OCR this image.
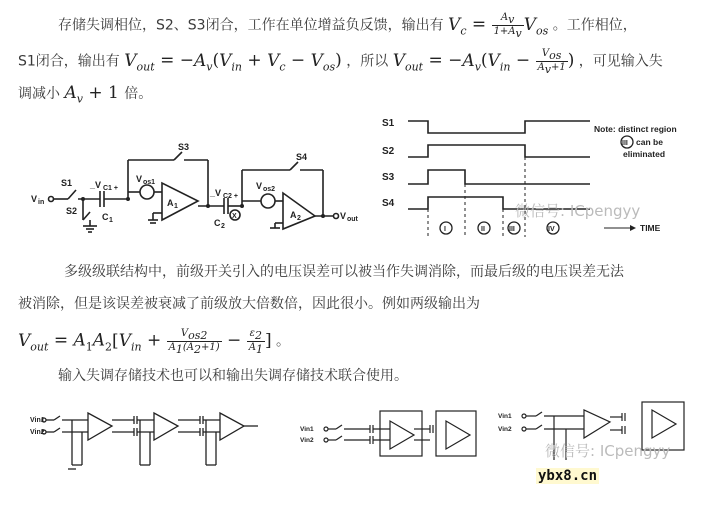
存储失调相位，S2、S3闭合，工作在单位增益负反馈，输出有 $V_c = \frac{A_v}{1+A_v} V_{os}$ 。工作相位，
S1闭合，输出有 $V_{out} = -A_v(V_{in} + V_c - V_{os})$ ，所以 $V_{out} = -A_v(V_{in} - \frac{V_{os}}{A_v+1}$ ) ，可见输入失
调减小 $A_v + 1$ 倍。
V in
S1
S2
_V C1 +
C 1
V os1
S3
A 1
_V C2 +
C 2
X
V os2
S4
A 2	V out
S1
S2
S3
S4
I	II	III	IV
Note: distinct region
III can be
eliminated
TIME
微信号: ICpengyy
多级级联结构中，前级开关引入的电压误差可以被当作失调消除，而最后级的电压误差无法
被消除，但是该误差被衰减了前级放大倍数倍，因此很小。例如两级输出为
$V_{out} = A_1A_2[V_{in} + \frac{V_{os2}}{A_1(A_2+1)} - \frac{\varepsilon_2}{A_1}$ ] 。
输入失调存储技术也可以和输出失调存储技术联合使用。
Vin1
Vin2	Vin1
Vin2
Vin1
Vin2
微信号: ICpengyy
ybx8.cn
